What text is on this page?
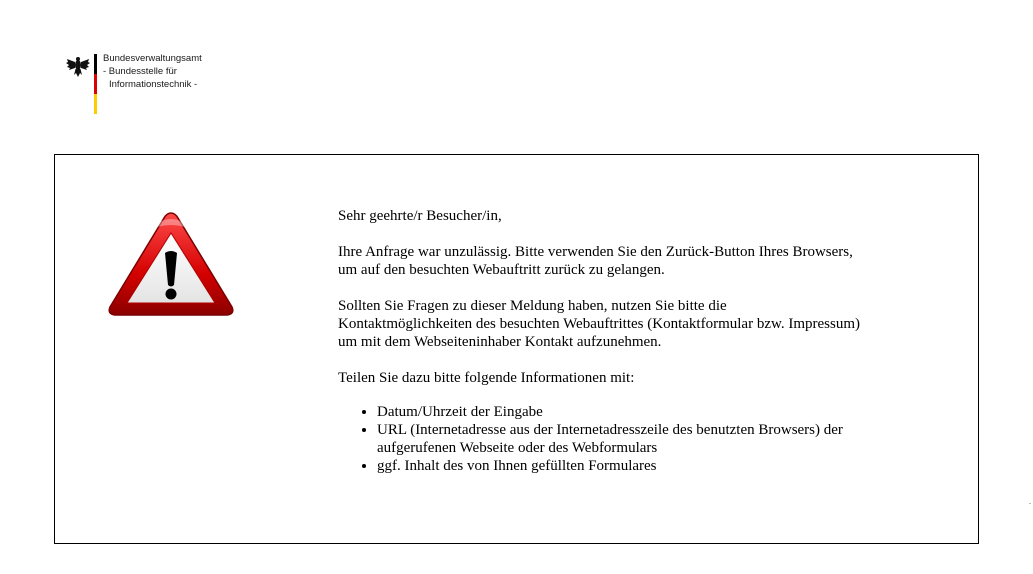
Bundesverwaltungsamt
- Bundesstelle für
Informationstechnik -

Sehr geehrte/r Besucher/in,

Ihre Anfrage war unzulässig. Bitte verwenden Sie den Zurück-Button Ihres Browsers,
um auf den besuchten Webauftritt zurück zu gelangen.

Sollten Sie Fragen zu dieser Meldung haben, nutzen Sie bitte die
Kontaktmöglichkeiten des besuchten Webauftrittes (Kontaktformular bzw. Impressum)
um mit dem Webseiteninhaber Kontakt aufzunehmen.

Teilen Sie dazu bitte folgende Informationen mit:

• Datum/Uhrzeit der Eingabe
• URL (Internetadresse aus der Internetadresszeile des benutzten Browsers) der aufgerufenen Webseite oder des Webformulars
• ggf. Inhalt des von Ihnen gefüllten Formulares
.
